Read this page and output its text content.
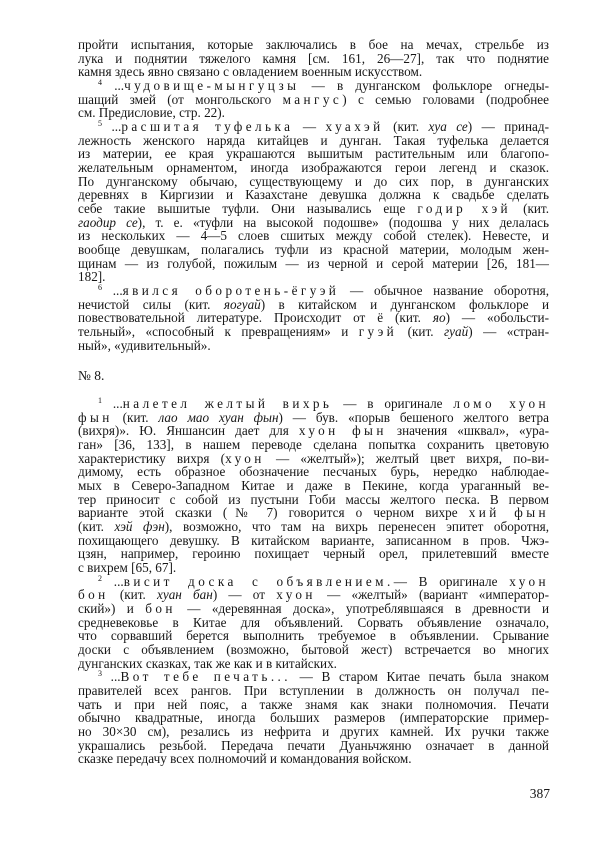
пройти испытания, которые заключались в бое на мечах, стрельбе из
лука и поднятии тяжелого камня [см. 161, 26—27], так что поднятие
камня здесь явно связано с овладением военным искусством.
$^4$ ...чудовище-мынгуцзы — в дунганском фольклоре огнеды-
шащий змей (от монгольского мангус) с семью головами (подробнее
см. Предисловие, стр. 22).
$^5$ ...расшитая туфелька — хуахэй (кит. хуа се) — принад-
лежность женского наряда китайцев и дунган. Такая туфелька делается
из материи, ее края украшаются вышитым растительным или благопо-
желательным орнаментом, иногда изображаются герои легенд и сказок.
По дунганскому обычаю, существующему и до сих пор, в дунганских
деревнях в Киргизии и Казахстане девушка должна к свадьбе сделать
себе такие вышитые туфли. Они назывались еще годир хэй (кит.
гаодир се), т. е. «туфли на высокой подошве» (подошва у них делалась
из нескольких — 4—5 слоев сшитых между собой стелек). Невесте, и
вообще девушкам, полагались туфли из красной материи, молодым жен-
щинам — из голубой, пожилым — из черной и серой материи [26, 181—
182].
$^6$ ...явился оборотень-ёгуэй — обычное название оборотня,
нечистой силы (кит. яогуай) в китайском и дунганском фольклоре и
повествовательной литературе. Происходит от ё (кит. яо) — «обольсти-
тельный», «способный к превращениям» и гуэй (кит. гуай) — «стран-
ный», «удивительный».
№ 8.
$^1$ ...налетел желтый вихрь — в оригинале ломо хуон
фын (кит. лао мао хуан фын) — був. «порыв бешеного желтого ветра
(вихря)». Ю. Яншансин дает для хуон фын значения «шквал», «ура-
ган» [36, 133], в нашем переводе сделана попытка сохранить цветовую
характеристику вихря (хуон — «желтый»); желтый цвет вихря, по-ви-
димому, есть образное обозначение песчаных бурь, нередко наблюдае-
мых в Северо-Западном Китае и даже в Пекине, когда ураганный ве-
тер приносит с собой из пустыни Гоби массы желтого песка. В первом
варианте этой сказки (№ 7) говорится о черном вихре хий фын
(кит. хэй фэн), возможно, что там на вихрь перенесен эпитет оборотня,
похищающего девушку. В китайском варианте, записанном в пров. Чжэ-
цзян, например, героиню похищает черный орел, прилетевший вместе
с вихрем [65, 67].
$^2$ ...висит доска с объявлением.— В оригинале хуон
бон (кит. хуан бан) — от хуон — «желтый» (вариант «император-
ский») и бон — «деревянная доска», употреблявшаяся в древности и
средневековье в Китае для объявлений. Сорвать объявление означало,
что сорвавший берется выполнить требуемое в объявлении. Срывание
доски с объявлением (возможно, бытовой жест) встречается во многих
дунганских сказках, так же как и в китайских.
$^3$ ...Вот тебе печать... — В старом Китае печать была знаком
правителей всех рангов. При вступлении в должность он получал пе-
чать и при ней пояс, а также знамя как знаки полномочия. Печати
обычно квадратные, иногда больших размеров (императорские пример-
но 30×30 см), резались из нефрита и других камней. Их ручки также
украшались резьбой. Передача печати Дуаньчжяню означает в данной
сказке передачу всех полномочий и командования войском.
387
